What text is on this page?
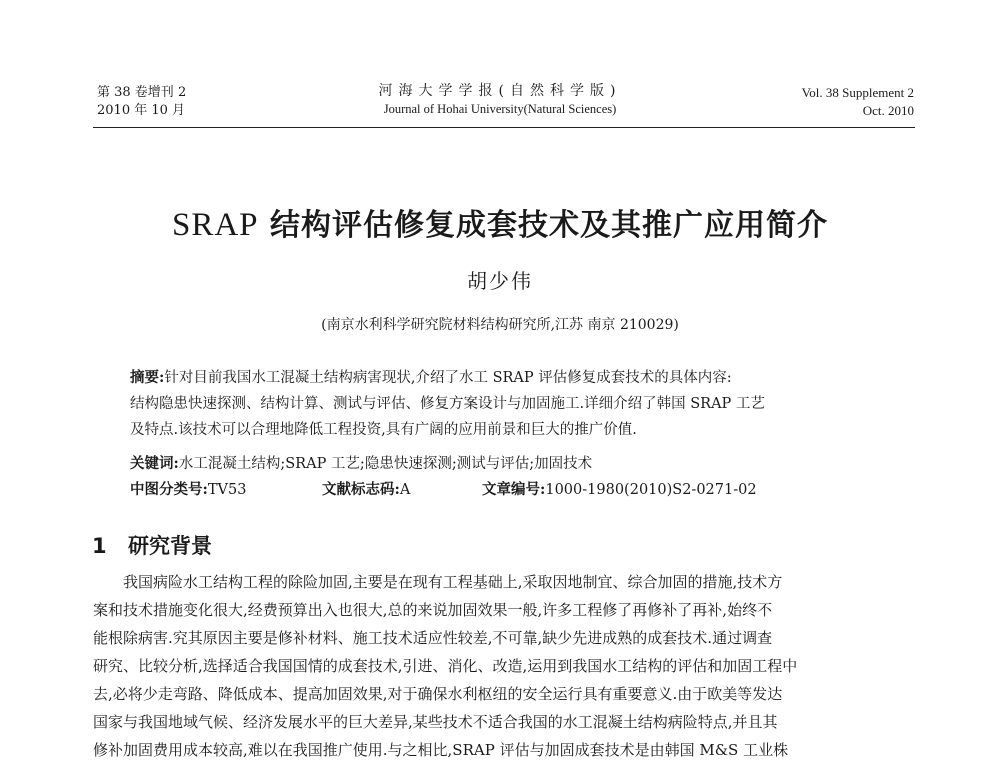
第 38 卷增刊 2
2010 年 10 月
河海大学学报(自然科学版)
Journal of Hohai University(Natural Sciences)
Vol. 38 Supplement 2
Oct. 2010
SRAP 结构评估修复成套技术及其推广应用简介
胡少伟
(南京水利科学研究院材料结构研究所,江苏 南京 210029)
摘要:针对目前我国水工混凝土结构病害现状,介绍了水工 SRAP 评估修复成套技术的具体内容:
结构隐患快速探测、结构计算、测试与评估、修复方案设计与加固施工.详细介绍了韩国 SRAP 工艺
及特点.该技术可以合理地降低工程投资,具有广阔的应用前景和巨大的推广价值.
关键词:水工混凝土结构;SRAP 工艺;隐患快速探测;测试与评估;加固技术
中图分类号:TV53	文献标志码:A	文章编号:1000-1980(2010)S2-0271-02
1 研究背景
我国病险水工结构工程的除险加固,主要是在现有工程基础上,采取因地制宜、综合加固的措施,技术方
案和技术措施变化很大,经费预算出入也很大,总的来说加固效果一般,许多工程修了再修补了再补,始终不
能根除病害.究其原因主要是修补材料、施工技术适应性较差,不可靠,缺少先进成熟的成套技术.通过调查
研究、比较分析,选择适合我国国情的成套技术,引进、消化、改造,运用到我国水工结构的评估和加固工程中
去,必将少走弯路、降低成本、提高加固效果,对于确保水利枢纽的安全运行具有重要意义.由于欧美等发达
国家与我国地域气候、经济发展水平的巨大差异,某些技术不适合我国的水工混凝土结构病险特点,并且其
修补加固费用成本较高,难以在我国推广使用.与之相比,SRAP 评估与加固成套技术是由韩国 M&S 工业株
